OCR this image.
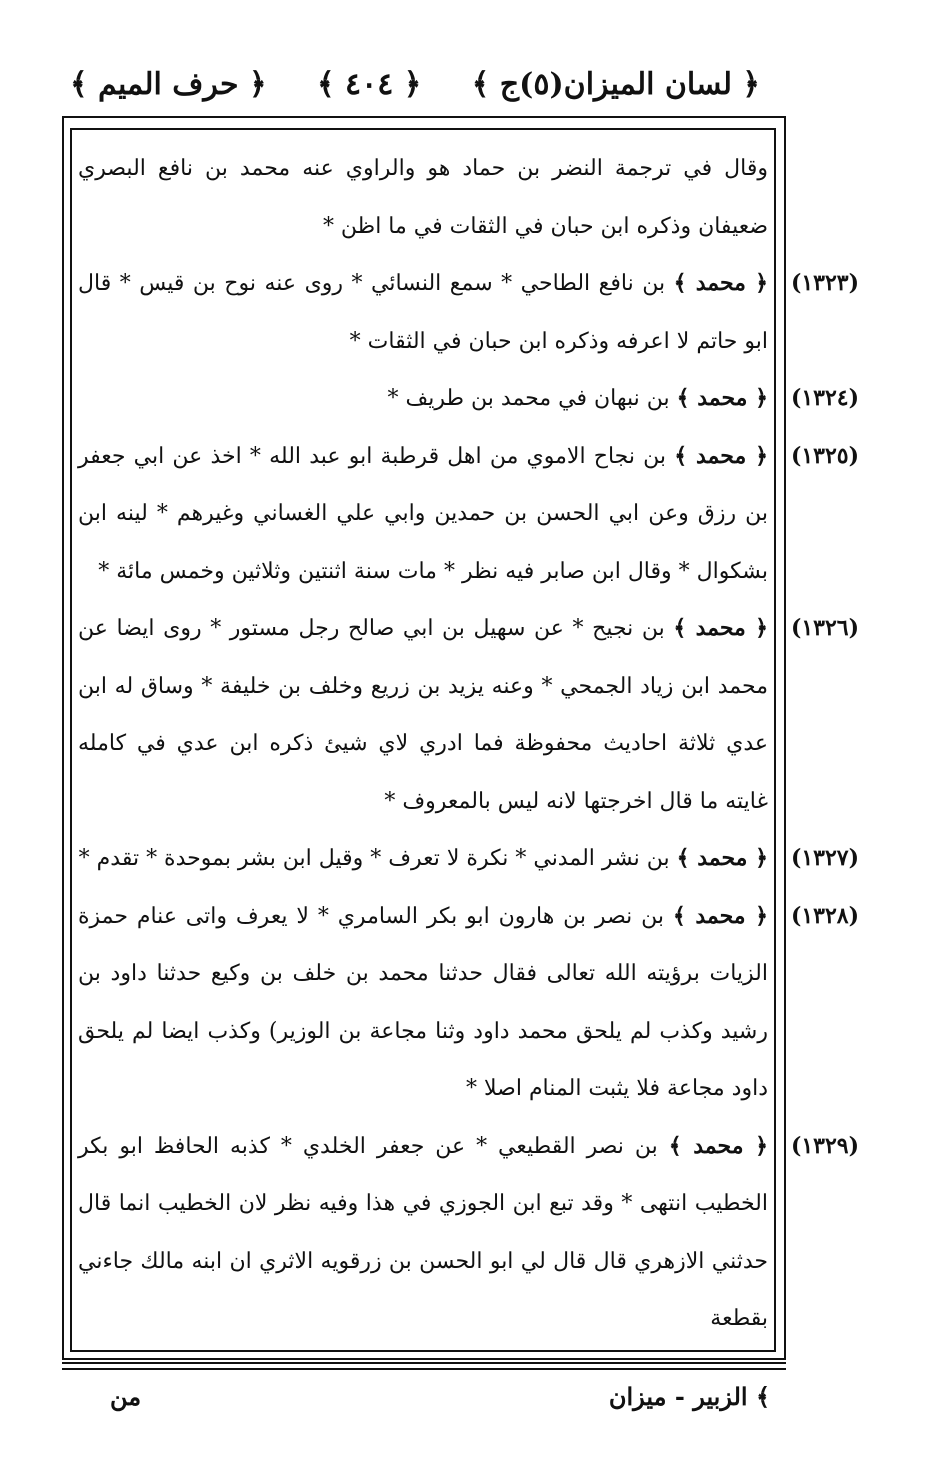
﴿ لسان الميزان(٥)ج ﴾
﴿ ٤٠٤ ﴾
﴿ حرف الميم ﴾
وقال في ترجمة النضر بن حماد هو والراوي عنه محمد بن نافع البصري ضعيفان وذكره ابن حبان في الثقات في ما اظن *
(١٣٢٣)
﴿ محمد ﴾ بن نافع الطاحي * سمع النسائي * روى عنه نوح بن قيس * قال ابو حاتم لا اعرفه وذكره ابن حبان في الثقات *
(١٣٢٤)
﴿ محمد ﴾ بن نبهان في محمد بن طريف *
(١٣٢٥)
﴿ محمد ﴾ بن نجاح الاموي من اهل قرطبة ابو عبد الله * اخذ عن ابي جعفر بن رزق وعن ابي الحسن بن حمدين وابي علي الغساني وغيرهم * لينه ابن بشكوال * وقال ابن صابر فيه نظر * مات سنة اثنتين وثلاثين وخمس مائة *
(١٣٢٦)
﴿ محمد ﴾ بن نجيح * عن سهيل بن ابي صالح رجل مستور * روى ايضا عن محمد ابن زياد الجمحي * وعنه يزيد بن زريع وخلف بن خليفة * وساق له ابن عدي ثلاثة احاديث محفوظة فما ادري لاي شيئ ذكره ابن عدي في كامله غايته ما قال اخرجتها لانه ليس بالمعروف *
(١٣٢٧)
﴿ محمد ﴾ بن نشر المدني * نكرة لا تعرف * وقيل ابن بشر بموحدة * تقدم *
(١٣٢٨)
﴿ محمد ﴾ بن نصر بن هارون ابو بكر السامري * لا يعرف واتى عنام حمزة الزيات برؤيته الله تعالى فقال حدثنا محمد بن خلف بن وكيع حدثنا داود بن رشيد وكذب لم يلحق محمد داود وثنا مجاعة بن الوزير) وكذب ايضا لم يلحق داود مجاعة فلا يثبت المنام اصلا *
(١٣٢٩)
﴿ محمد ﴾ بن نصر القطيعي * عن جعفر الخلدي * كذبه الحافظ ابو بكر الخطيب انتهى * وقد تبع ابن الجوزي في هذا وفيه نظر لان الخطيب انما قال حدثني الازهري قال قال لي ابو الحسن بن زرقويه الاثري ان ابنه مالك جاءني بقطعة
﴾ الزبير - ميزان
من
